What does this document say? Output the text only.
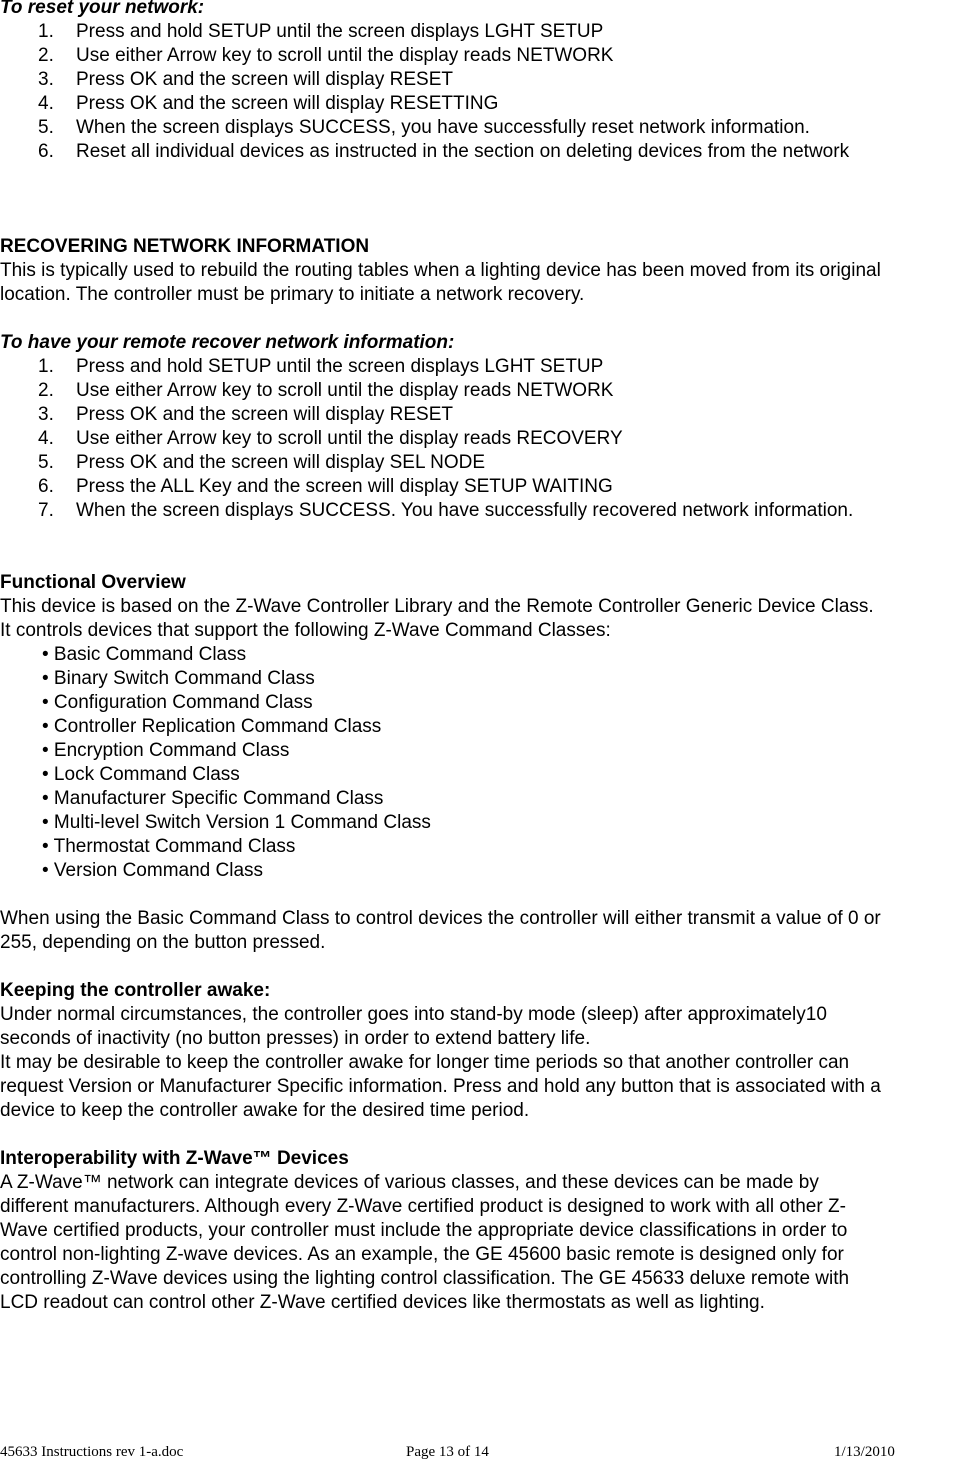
To reset your network:
1. Press and hold SETUP until the screen displays LGHT SETUP
2. Use either Arrow key to scroll until the display reads NETWORK
3. Press OK and the screen will display RESET
4. Press OK and the screen will display RESETTING
5. When the screen displays SUCCESS, you have successfully reset network information.
6. Reset all individual devices as instructed in the section on deleting devices from the network
RECOVERING NETWORK INFORMATION
This is typically used to rebuild the routing tables when a lighting device has been moved from its original
location. The controller must be primary to initiate a network recovery.
To have your remote recover network information:
1. Press and hold SETUP until the screen displays LGHT SETUP
2. Use either Arrow key to scroll until the display reads NETWORK
3. Press OK and the screen will display RESET
4. Use either Arrow key to scroll until the display reads RECOVERY
5. Press OK and the screen will display SEL NODE
6. Press the ALL Key and the screen will display SETUP WAITING
7. When the screen displays SUCCESS. You have successfully recovered network information.
Functional Overview
This device is based on the Z-Wave Controller Library and the Remote Controller Generic Device Class.
It controls devices that support the following Z-Wave Command Classes:
• Basic Command Class
• Binary Switch Command Class
• Configuration Command Class
• Controller Replication Command Class
• Encryption Command Class
• Lock Command Class
• Manufacturer Specific Command Class
• Multi-level Switch Version 1 Command Class
• Thermostat Command Class
• Version Command Class
When using the Basic Command Class to control devices the controller will either transmit a value of 0 or
255, depending on the button pressed.
Keeping the controller awake:
Under normal circumstances, the controller goes into stand-by mode (sleep) after approximately10
seconds of inactivity (no button presses) in order to extend battery life.
It may be desirable to keep the controller awake for longer time periods so that another controller can
request Version or Manufacturer Specific information. Press and hold any button that is associated with a
device to keep the controller awake for the desired time period.
Interoperability with Z-Wave™ Devices
A Z-Wave™ network can integrate devices of various classes, and these devices can be made by
different manufacturers. Although every Z-Wave certified product is designed to work with all other Z-
Wave certified products, your controller must include the appropriate device classifications in order to
control non-lighting Z-wave devices. As an example, the GE 45600 basic remote is designed only for
controlling Z-Wave devices using the lighting control classification. The GE 45633 deluxe remote with
LCD readout can control other Z-Wave certified devices like thermostats as well as lighting.
45633 Instructions rev 1-a.doc	Page 13 of 14	1/13/2010
